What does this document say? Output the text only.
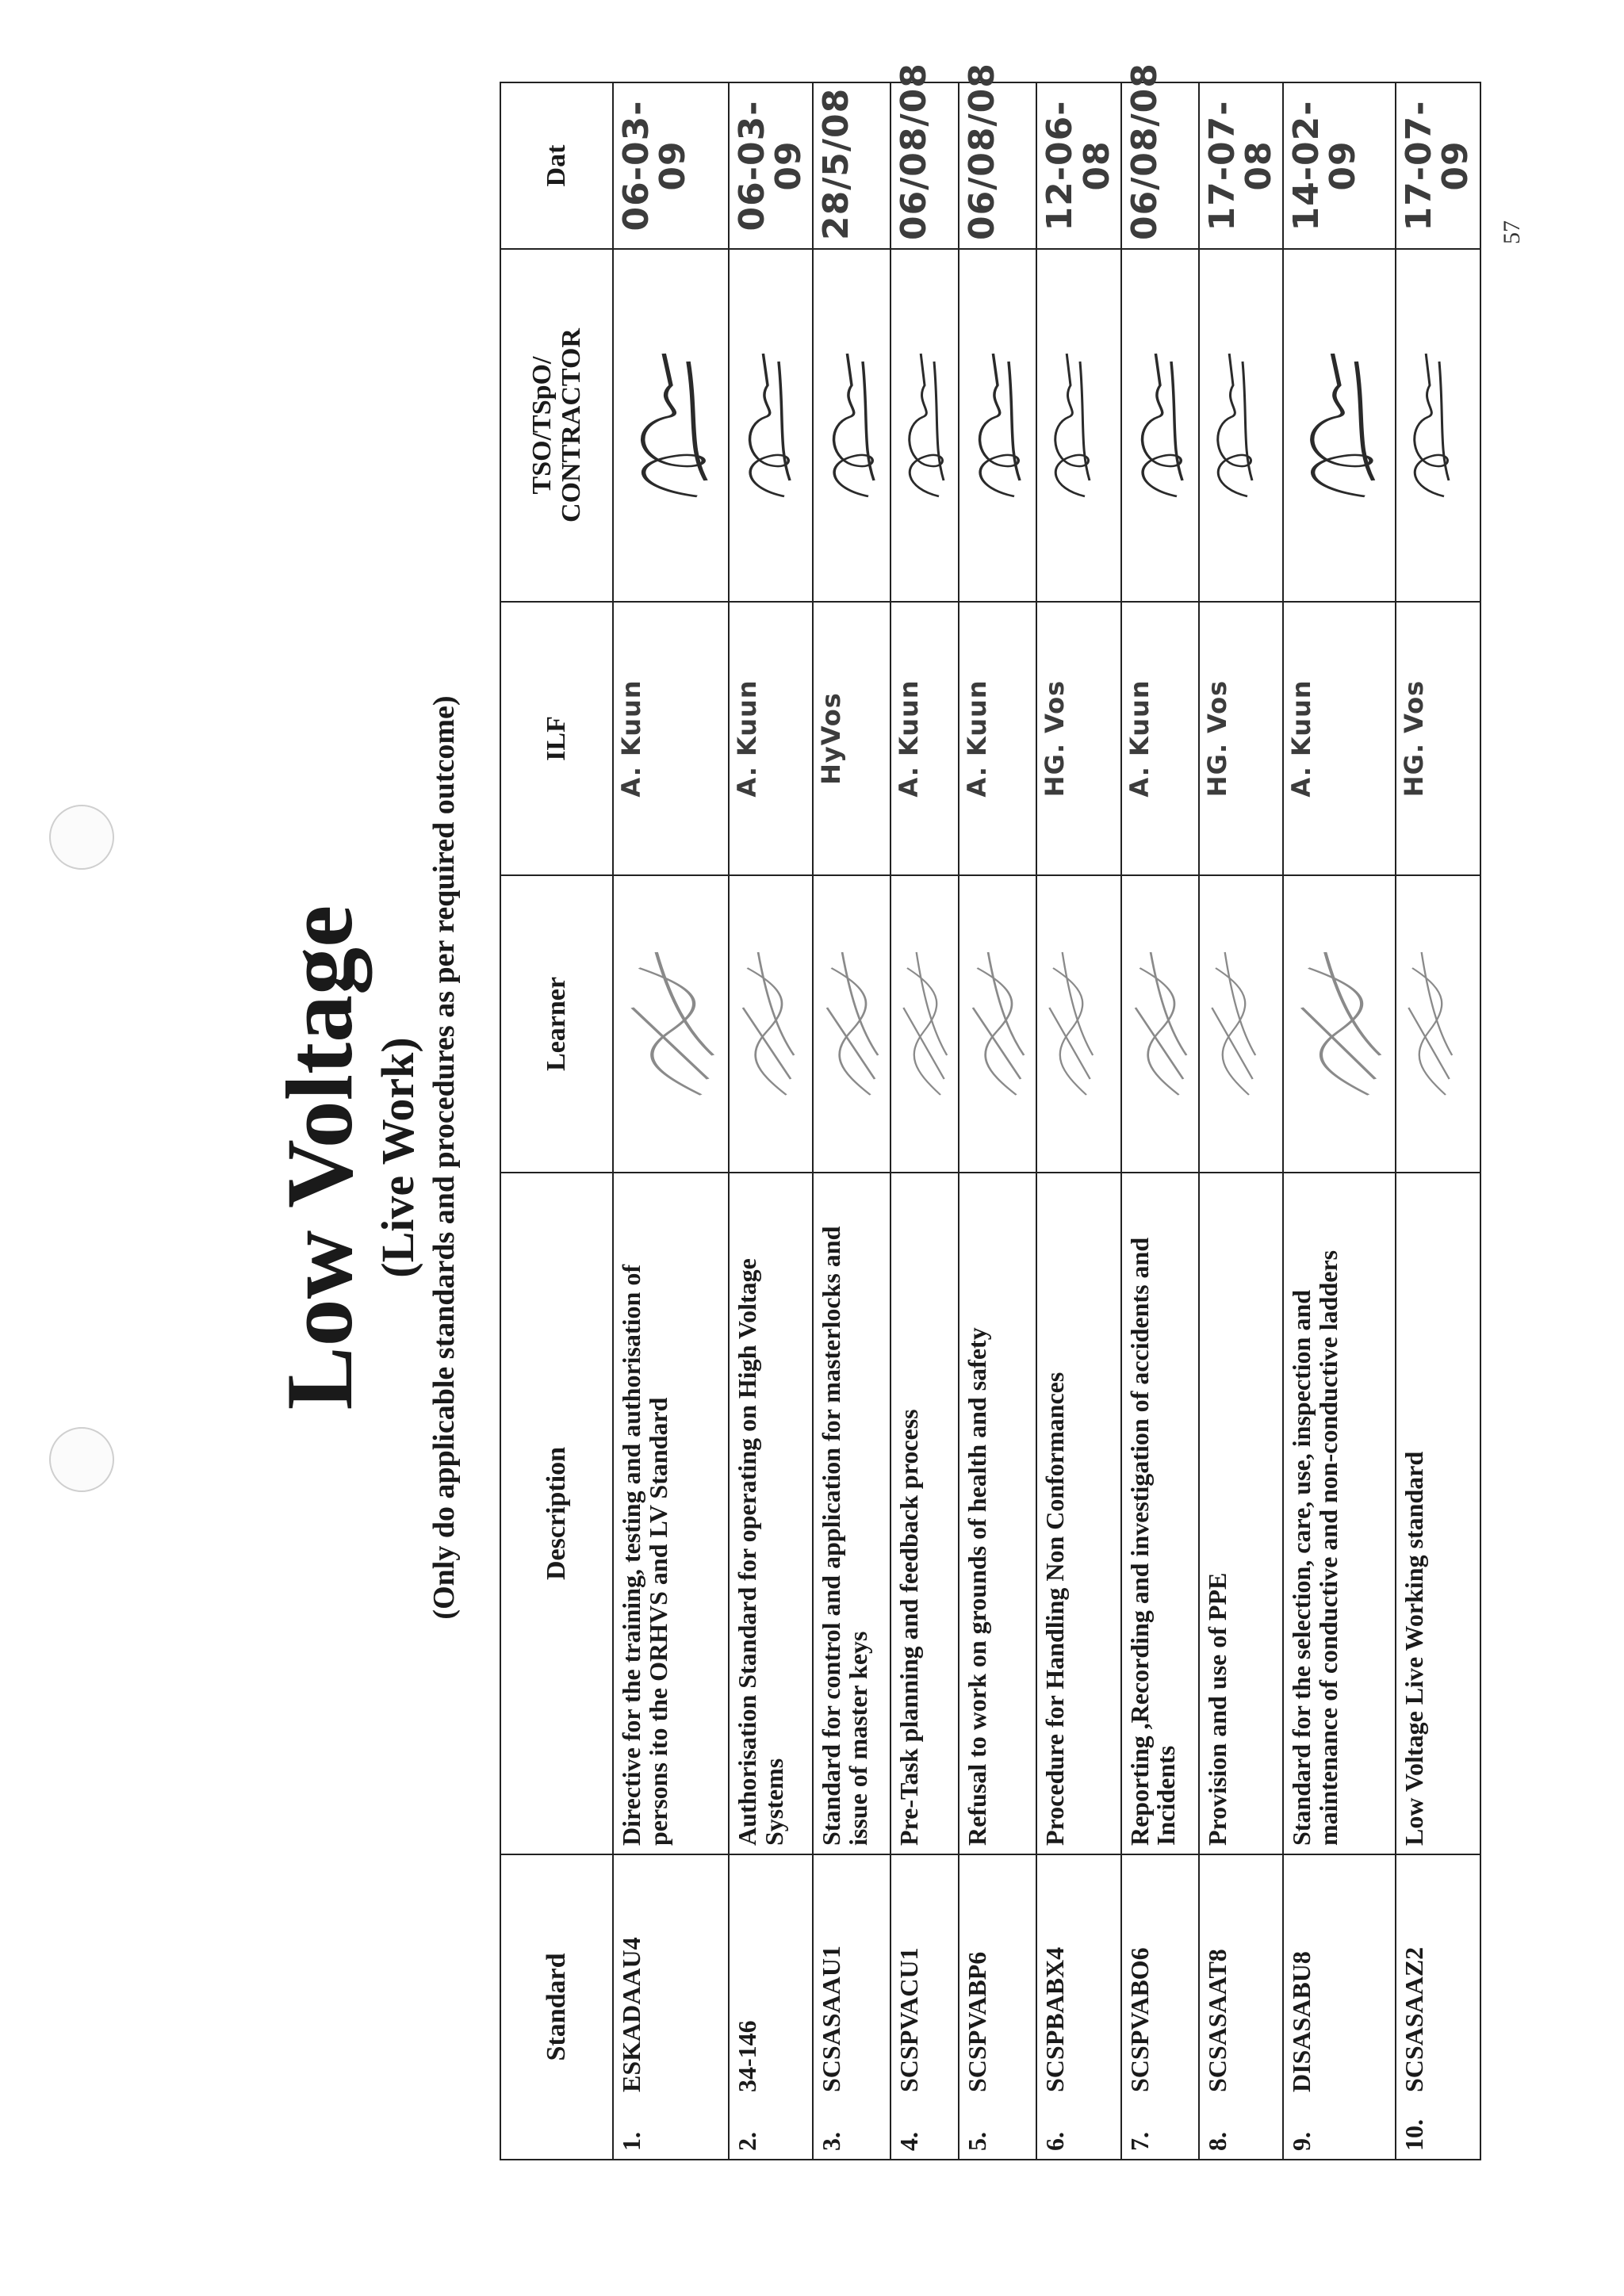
57
Low Voltage (Live Work) (Only do applicable standards and procedures as per required outcome)

Standard	Description	Learner	ILF	TSO/TSpO/ CONTRACTOR	Dat

1.
ESKADAAU4	Directive for the training, testing and authorisation of persons ito the ORHVS and LV Standard		A. Kuun		06-03-09

2.
34-146	Authorisation Standard for operating on High Voltage Systems		A. Kuun		06-03-09

3.
SCSASAAU1	Standard for control and application for masterlocks and issue of master keys		HyVos		28/5/08

4.
SCSPVACU1	Pre-Task planning and feedback process		A. Kuun		06/08/08

5.
SCSPVABP6	Refusal to work on grounds of health and safety		A. Kuun		06/08/08

6.
SCSPBABX4	Procedure for Handling Non Conformances		HG. Vos		12-06-08

7.
SCSPVABO6	Reporting ,Recording and investigation of accidents and Incidents		A. Kuun		06/08/08

8.
SCSASAAT8	Provision and use of PPE		HG. Vos		17-07-08

9.
DISASABU8	Standard for the selection, care, use, inspection and maintenance of conductive and non-conductive ladders		A. Kuun		14-02-09

10.
SCSASAAZ2	Low Voltage Live Working standard		HG. Vos		17-07-09
